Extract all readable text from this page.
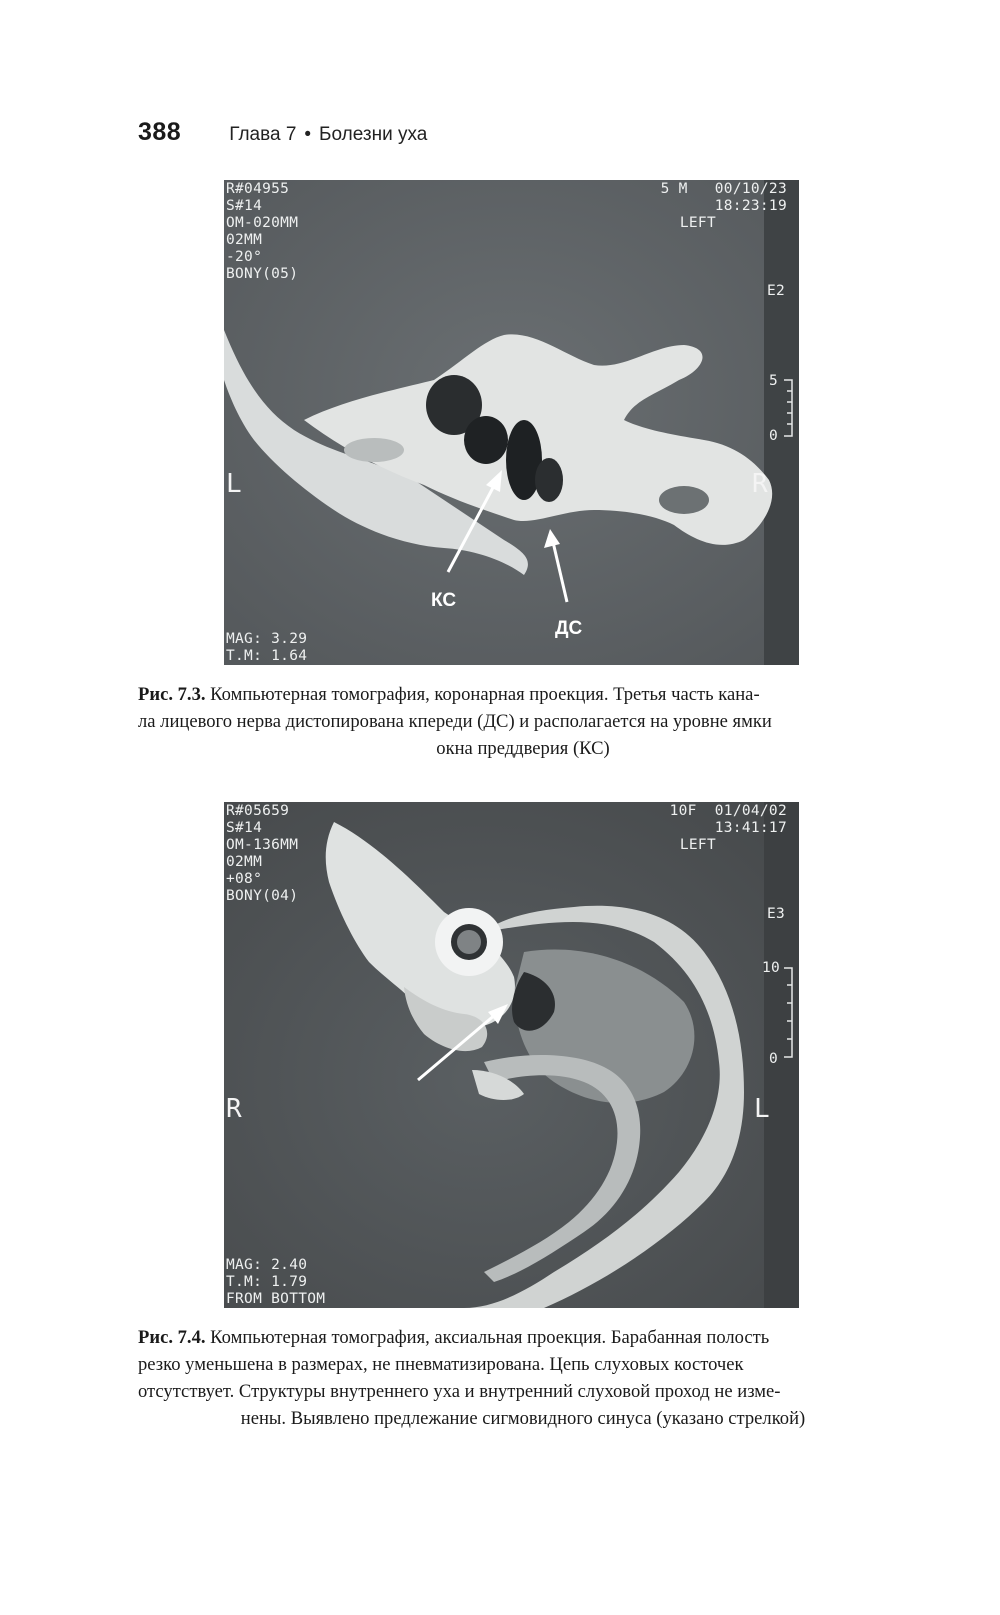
388	Глава 7 • Болезни уха
R#04955
S#14
OM-020MM
02MM
-20°
BONY(05)
5 M   00/10/23
18:23:19
LEFT
E2
5
0
L	R
MAG: 3.29
T.M: 1.64
КС
ДС
Рис. 7.3. Компьютерная томография, коронарная проекция. Третья часть кана-
ла лицевого нерва дистопирована кпереди (ДС) и располагается на уровне ямки
окна преддверия (КС)
R#05659
S#14
OM-136MM
02MM
+08°
BONY(04)
10F  01/04/02
13:41:17
LEFT
E3
10
0
R	L
MAG: 2.40
T.M: 1.79
FROM BOTTOM
Рис. 7.4. Компьютерная томография, аксиальная проекция. Барабанная полость
резко уменьшена в размерах, не пневматизирована. Цепь слуховых косточек
отсутствует. Структуры внутреннего уха и внутренний слуховой проход не изме-
нены. Выявлено предлежание сигмовидного синуса (указано стрелкой)
